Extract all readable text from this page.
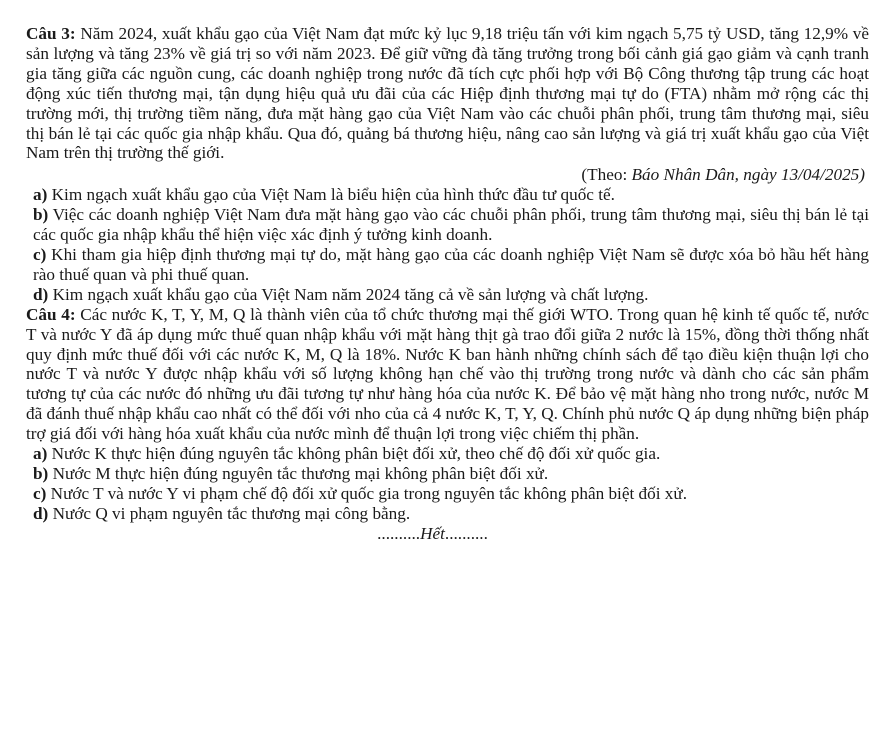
Câu 3: Năm 2024, xuất khẩu gạo của Việt Nam đạt mức kỷ lục 9,18 triệu tấn với kim ngạch 5,75 tỷ USD, tăng 12,9% về sản lượng và tăng 23% về giá trị so với năm 2023. Để giữ vững đà tăng trưởng trong bối cảnh giá gạo giảm và cạnh tranh gia tăng giữa các nguồn cung, các doanh nghiệp trong nước đã tích cực phối hợp với Bộ Công thương tập trung các hoạt động xúc tiến thương mại, tận dụng hiệu quả ưu đãi của các Hiệp định thương mại tự do (FTA) nhằm mở rộng các thị trường mới, thị trường tiềm năng, đưa mặt hàng gạo của Việt Nam vào các chuỗi phân phối, trung tâm thương mại, siêu thị bán lẻ tại các quốc gia nhập khẩu. Qua đó, quảng bá thương hiệu, nâng cao sản lượng và giá trị xuất khẩu gạo của Việt Nam trên thị trường thế giới.

(Theo: Báo Nhân Dân, ngày 13/04/2025)

a) Kim ngạch xuất khẩu gạo của Việt Nam là biểu hiện của hình thức đầu tư quốc tế.

b) Việc các doanh nghiệp Việt Nam đưa mặt hàng gạo vào các chuỗi phân phối, trung tâm thương mại, siêu thị bán lẻ tại các quốc gia nhập khẩu thể hiện việc xác định ý tưởng kinh doanh.

c) Khi tham gia hiệp định thương mại tự do, mặt hàng gạo của các doanh nghiệp Việt Nam sẽ được xóa bỏ hầu hết hàng rào thuế quan và phi thuế quan.

d) Kim ngạch xuất khẩu gạo của Việt Nam năm 2024 tăng cả về sản lượng và chất lượng.

Câu 4: Các nước K, T, Y, M, Q là thành viên của tổ chức thương mại thế giới WTO. Trong quan hệ kinh tế quốc tế, nước T và nước Y đã áp dụng mức thuế quan nhập khẩu với mặt hàng thịt gà trao đổi giữa 2 nước là 15%, đồng thời thống nhất quy định mức thuế đối với các nước K, M, Q là 18%. Nước K ban hành những chính sách để tạo điều kiện thuận lợi cho nước T và nước Y được nhập khẩu với số lượng không hạn chế vào thị trường trong nước và dành cho các sản phẩm tương tự của các nước đó những ưu đãi tương tự như hàng hóa của nước K. Để bảo vệ mặt hàng nho trong nước, nước M đã đánh thuế nhập khẩu cao nhất có thể đối với nho của cả 4 nước K, T, Y, Q. Chính phủ nước Q áp dụng những biện pháp trợ giá đối với hàng hóa xuất khẩu của nước mình để thuận lợi trong việc chiếm thị phần.

a) Nước K thực hiện đúng nguyên tắc không phân biệt đối xử, theo chế độ đối xử quốc gia.

b) Nước M thực hiện đúng nguyên tắc thương mại không phân biệt đối xử.

c) Nước T và nước Y vi phạm chế độ đối xử quốc gia trong nguyên tắc không phân biệt đối xử.

d) Nước Q vi phạm nguyên tắc thương mại công bằng.

..........Hết..........
